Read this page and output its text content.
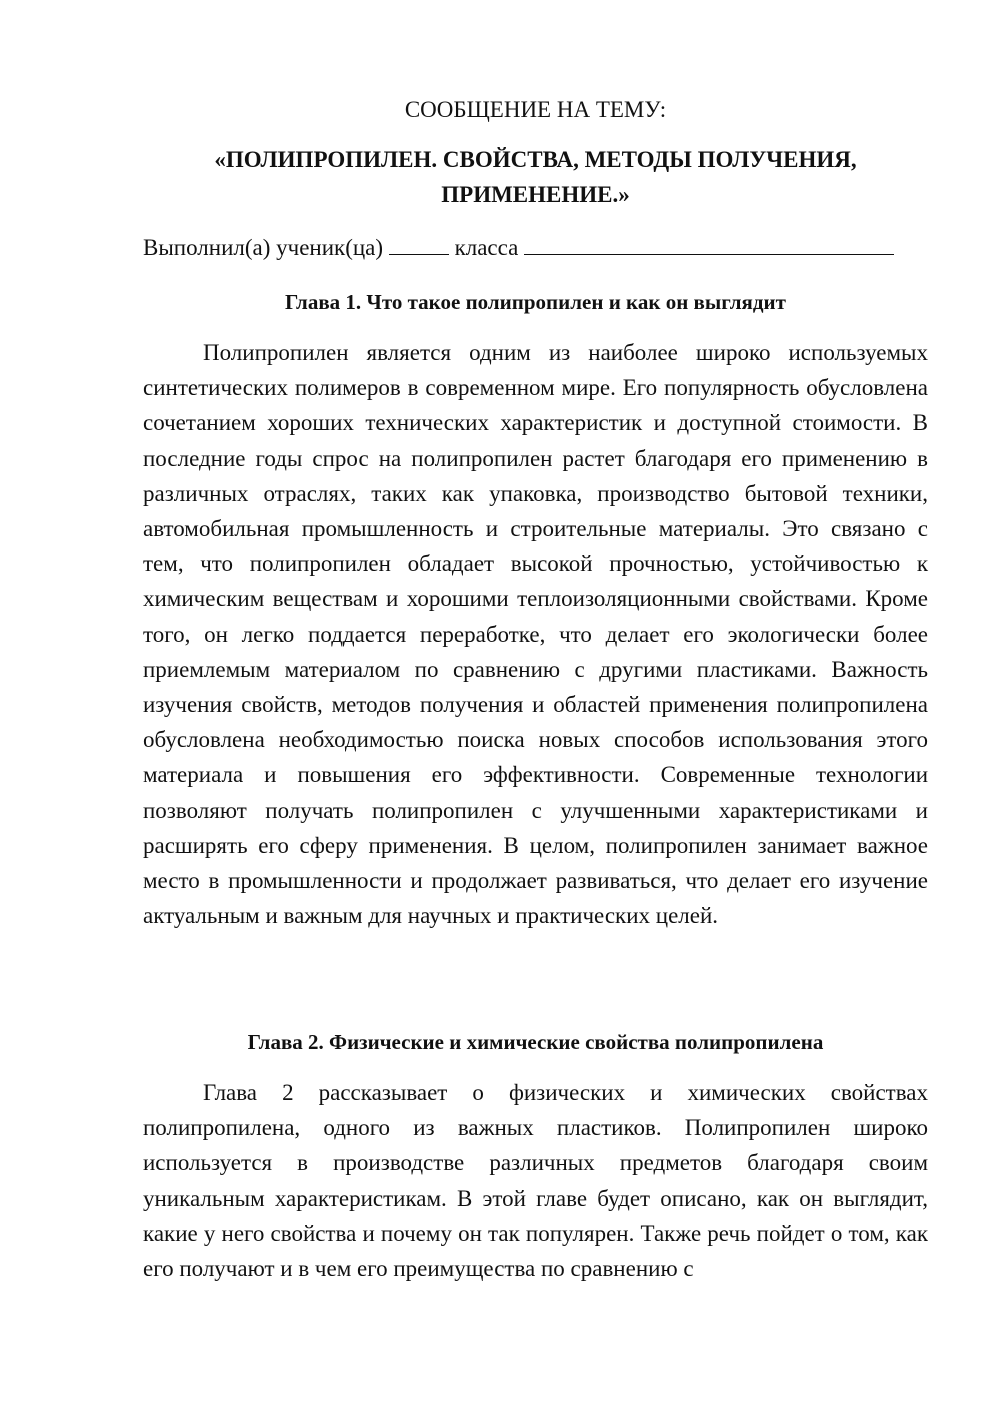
СООБЩЕНИЕ НА ТЕМУ:
«ПОЛИПРОПИЛЕН. СВОЙСТВА, МЕТОДЫ ПОЛУЧЕНИЯ,
ПРИМЕНЕНИЕ.»

Выполнил(а) ученик(ца)	класса

Глава 1. Что такое полипропилен и как он выглядит

Полипропилен является одним из наиболее широко используемых синтетических полимеров в современном мире. Его популярность обусловлена сочетанием хороших технических характеристик и доступной стоимости. В последние годы спрос на полипропилен растет благодаря его применению в различных отраслях, таких как упаковка, производство бытовой техники, автомобильная промышленность и строительные материалы. Это связано с тем, что полипропилен обладает высокой прочностью, устойчивостью к химическим веществам и хорошими теплоизоляционными свойствами. Кроме того, он легко поддается переработке, что делает его экологически более приемлемым материалом по сравнению с другими пластиками. Важность изучения свойств, методов получения и областей применения полипропилена обусловлена необходимостью поиска новых способов использования этого материала и повышения его эффективности. Современные технологии позволяют получать полипропилен с улучшенными характеристиками и расширять его сферу применения. В целом, полипропилен занимает важное место в промышленности и продолжает развиваться, что делает его изучение актуальным и важным для научных и практических целей.

Глава 2. Физические и химические свойства полипропилена

Глава 2 рассказывает о физических и химических свойствах полипропилена, одного из важных пластиков. Полипропилен широко используется в производстве различных предметов благодаря своим уникальным характеристикам. В этой главе будет описано, как он выглядит, какие у него свойства и почему он так популярен. Также речь пойдет о том, как его получают и в чем его преимущества по сравнению с
